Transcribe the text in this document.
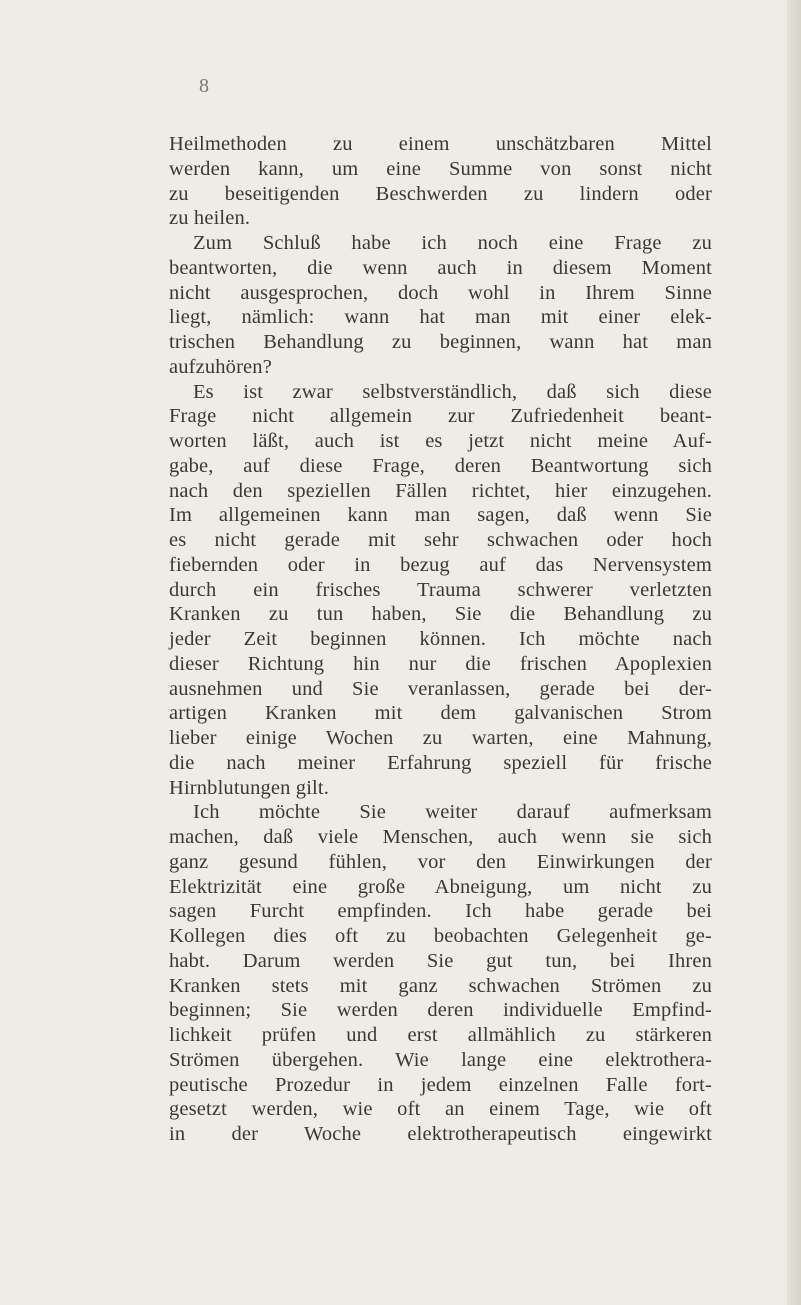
8
Heilmethoden zu einem unschätzbaren Mittel
werden kann, um eine Summe von sonst nicht
zu beseitigenden Beschwerden zu lindern oder
zu heilen.
Zum Schluß habe ich noch eine Frage zu
beantworten, die wenn auch in diesem Moment
nicht ausgesprochen, doch wohl in Ihrem Sinne
liegt, nämlich: wann hat man mit einer elek-
trischen Behandlung zu beginnen, wann hat man
aufzuhören?
Es ist zwar selbstverständlich, daß sich diese
Frage nicht allgemein zur Zufriedenheit beant-
worten läßt, auch ist es jetzt nicht meine Auf-
gabe, auf diese Frage, deren Beantwortung sich
nach den speziellen Fällen richtet, hier einzugehen.
Im allgemeinen kann man sagen, daß wenn Sie
es nicht gerade mit sehr schwachen oder hoch
fiebernden oder in bezug auf das Nervensystem
durch ein frisches Trauma schwerer verletzten
Kranken zu tun haben, Sie die Behandlung zu
jeder Zeit beginnen können. Ich möchte nach
dieser Richtung hin nur die frischen Apoplexien
ausnehmen und Sie veranlassen, gerade bei der-
artigen Kranken mit dem galvanischen Strom
lieber einige Wochen zu warten, eine Mahnung,
die nach meiner Erfahrung speziell für frische
Hirnblutungen gilt.
Ich möchte Sie weiter darauf aufmerksam
machen, daß viele Menschen, auch wenn sie sich
ganz gesund fühlen, vor den Einwirkungen der
Elektrizität eine große Abneigung, um nicht zu
sagen Furcht empfinden. Ich habe gerade bei
Kollegen dies oft zu beobachten Gelegenheit ge-
habt. Darum werden Sie gut tun, bei Ihren
Kranken stets mit ganz schwachen Strömen zu
beginnen; Sie werden deren individuelle Empfind-
lichkeit prüfen und erst allmählich zu stärkeren
Strömen übergehen. Wie lange eine elektrothera-
peutische Prozedur in jedem einzelnen Falle fort-
gesetzt werden, wie oft an einem Tage, wie oft
in der Woche elektrotherapeutisch eingewirkt
